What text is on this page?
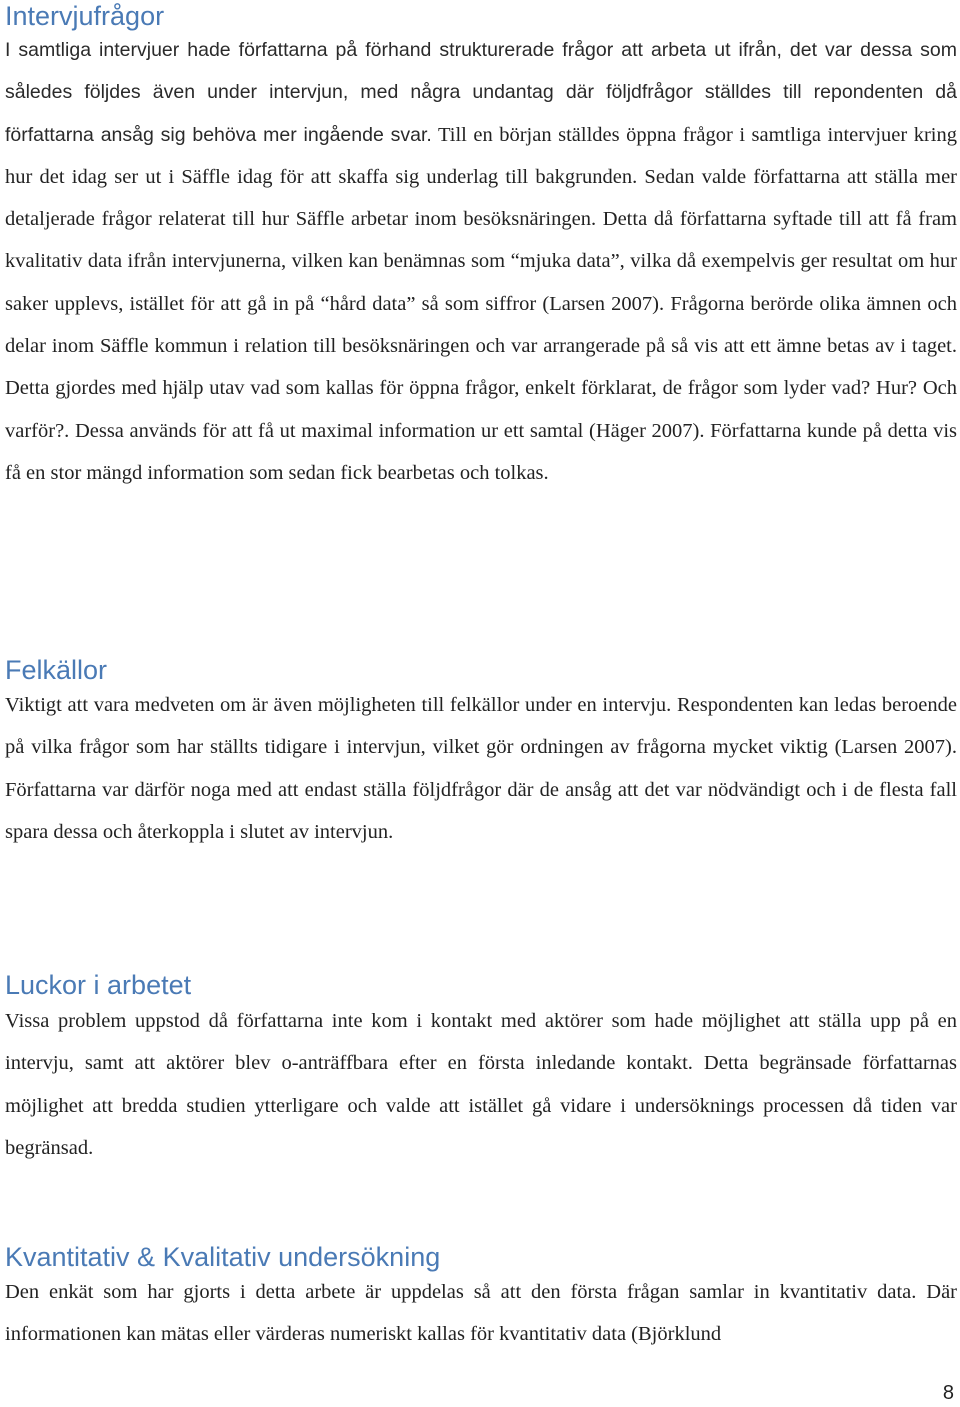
Intervjufrågor

I samtliga intervjuer hade författarna på förhand strukturerade frågor att arbeta ut ifrån, det var dessa som således följdes även under intervjun, med några undantag där följdfrågor ställdes till repondenten då författarna ansåg sig behöva mer ingående svar. Till en början ställdes öppna frågor i samtliga intervjuer kring hur det idag ser ut i Säffle idag för att skaffa sig underlag till bakgrunden. Sedan valde författarna att ställa mer detaljerade frågor relaterat till hur Säffle arbetar inom besöksnäringen. Detta då författarna syftade till att få fram kvalitativ data ifrån intervjunerna, vilken kan benämnas som “mjuka data”, vilka då exempelvis ger resultat om hur saker upplevs, istället för att gå in på “hård data” så som siffror (Larsen 2007). Frågorna berörde olika ämnen och delar inom Säffle kommun i relation till besöksnäringen och var arrangerade på så vis att ett ämne betas av i taget. Detta gjordes med hjälp utav vad som kallas för öppna frågor, enkelt förklarat, de frågor som lyder vad? Hur? Och varför?. Dessa används för att få ut maximal information ur ett samtal (Häger 2007). Författarna kunde på detta vis få en stor mängd information som sedan fick bearbetas och tolkas.

Felkällor

Viktigt att vara medveten om är även möjligheten till felkällor under en intervju. Respondenten kan ledas beroende på vilka frågor som har ställts tidigare i intervjun, vilket gör ordningen av frågorna mycket viktig (Larsen 2007). Författarna var därför noga med att endast ställa följdfrågor där de ansåg att det var nödvändigt och i de flesta fall spara dessa och återkoppla i slutet av intervjun.

Luckor i arbetet

Vissa problem uppstod då författarna inte kom i kontakt med aktörer som hade möjlighet att ställa upp på en intervju, samt att aktörer blev o-anträffbara efter en första inledande kontakt. Detta begränsade författarnas möjlighet att bredda studien ytterligare och valde att istället gå vidare i undersöknings processen då tiden var begränsad.

Kvantitativ & Kvalitativ undersökning

Den enkät som har gjorts i detta arbete är uppdelas så att den första frågan samlar in kvantitativ data. Där informationen kan mätas eller värderas numeriskt kallas för kvantitativ data (Björklund

8
